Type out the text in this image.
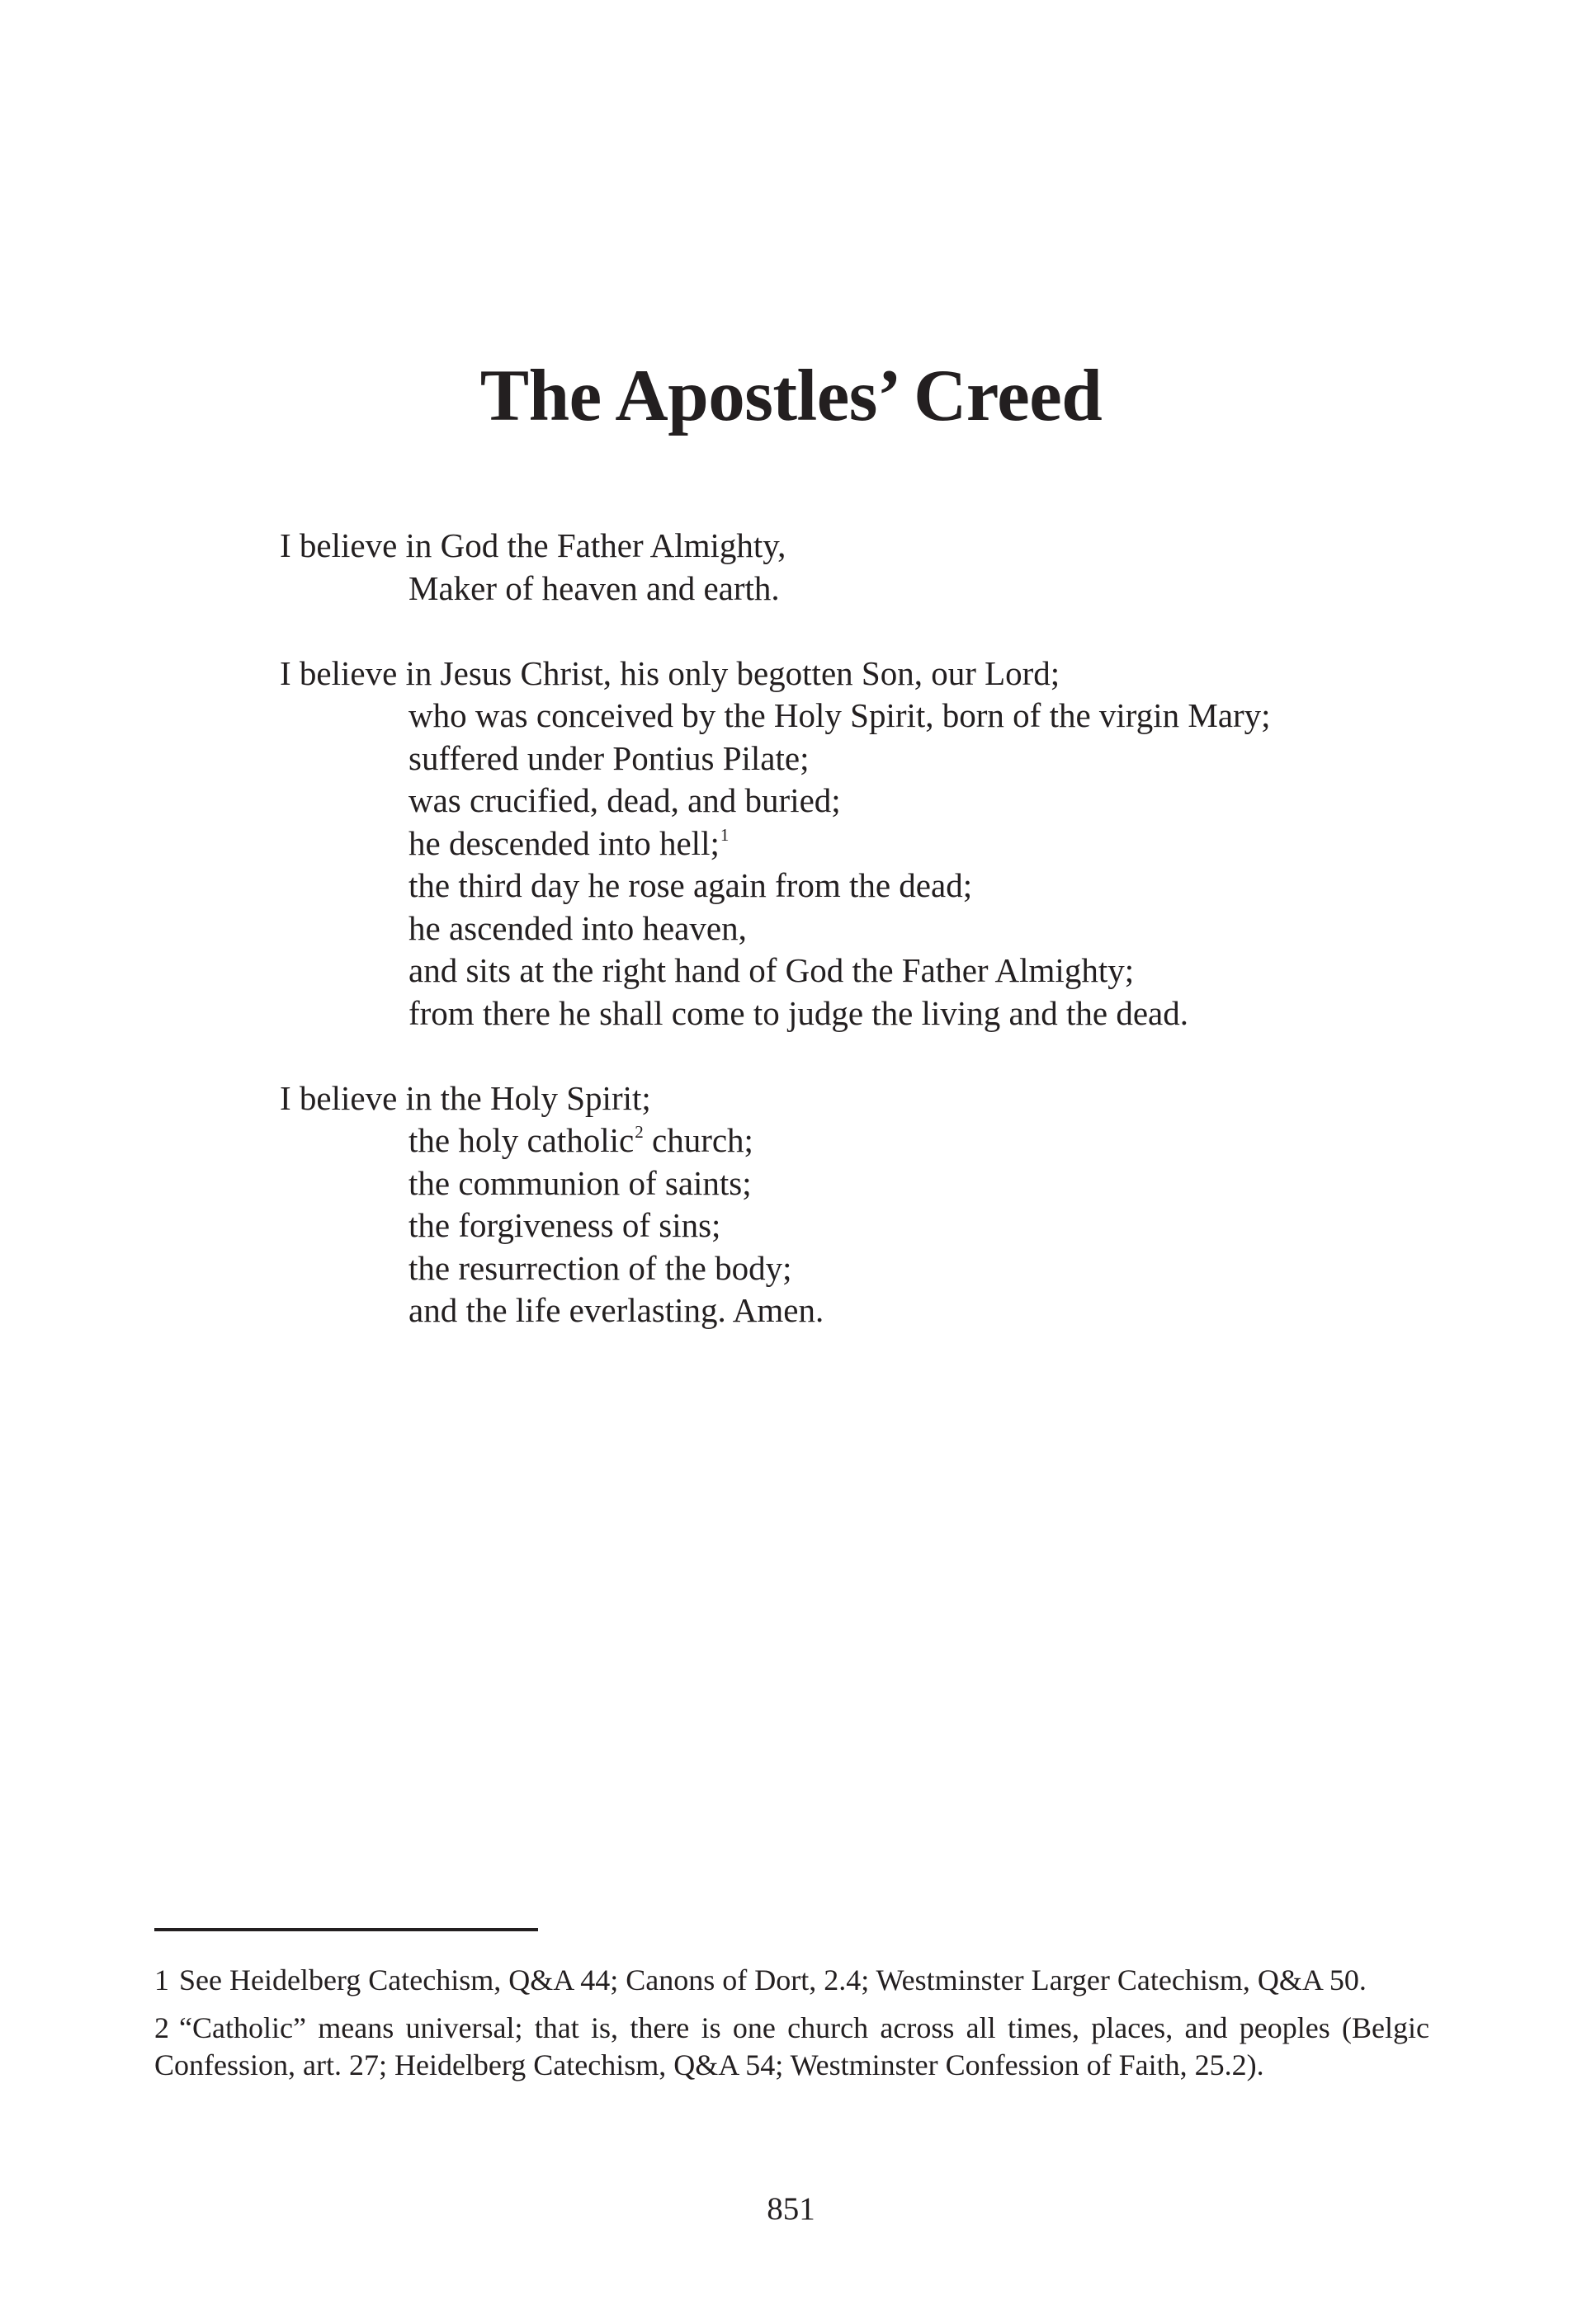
The Apostles’ Creed
I believe in God the Father Almighty,
Maker of heaven and earth.
I believe in Jesus Christ, his only begotten Son, our Lord;
who was conceived by the Holy Spirit, born of the virgin Mary;
suffered under Pontius Pilate;
was crucified, dead, and buried;
he descended into hell;$^1$
the third day he rose again from the dead;
he ascended into heaven,
and sits at the right hand of God the Father Almighty;
from there he shall come to judge the living and the dead.
I believe in the Holy Spirit;
the holy catholic$^2$ church;
the communion of saints;
the forgiveness of sins;
the resurrection of the body;
and the life everlasting. Amen.

1 See Heidelberg Catechism, Q&A 44; Canons of Dort, 2.4; Westminster Larger Catechism, Q&A 50.

2 “Catholic” means universal; that is, there is one church across all times, places, and peoples (Belgic Confession, art. 27; Heidelberg Catechism, Q&A 54; Westminster Confession of Faith, 25.2).

851
